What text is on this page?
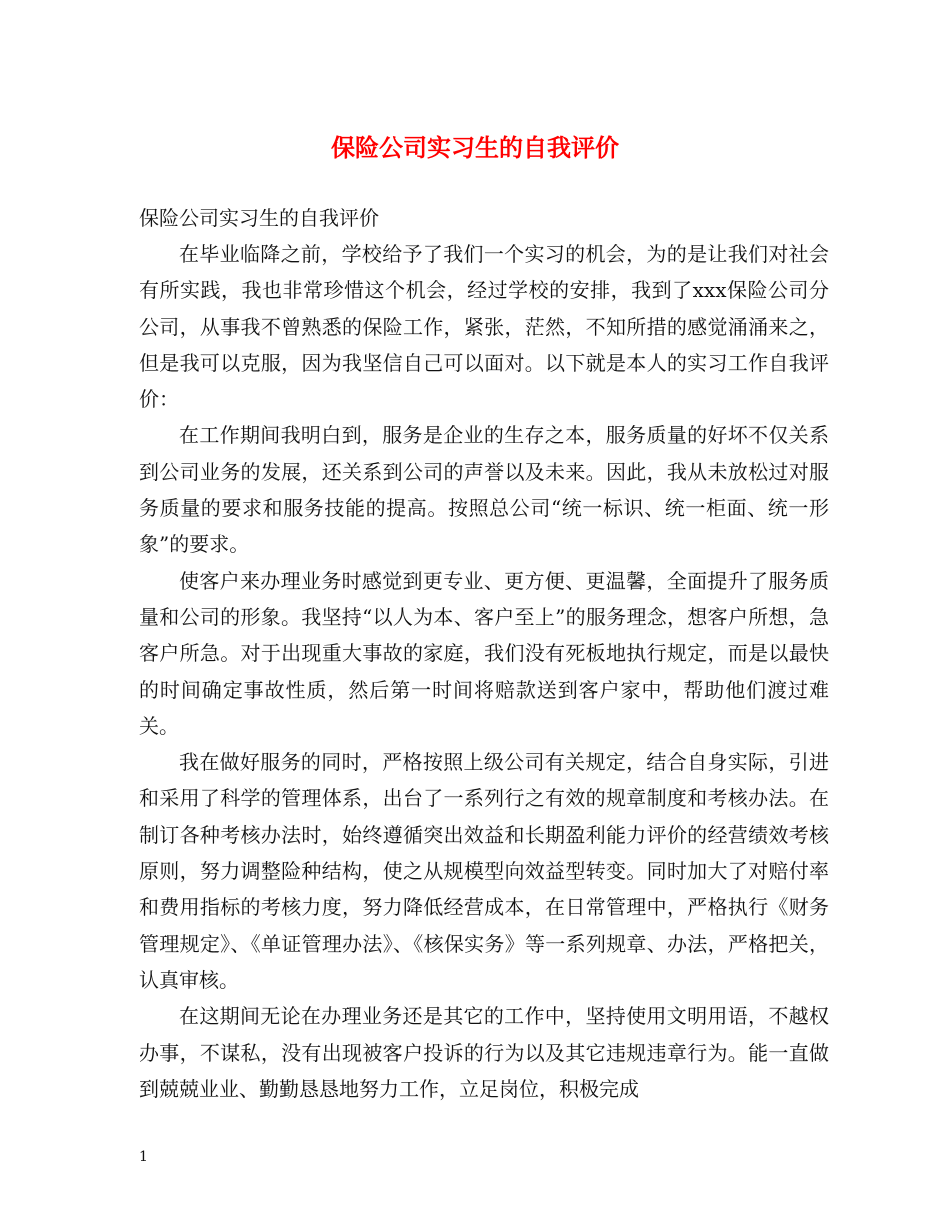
保险公司实习生的自我评价

保险公司实习生的自我评价

在毕业临降之前，学校给予了我们一个实习的机会，为的是让我们对社会有所实践，我也非常珍惜这个机会，经过学校的安排，我到了xxx保险公司分公司，从事我不曾熟悉的保险工作，紧张，茫然，不知所措的感觉涌涌来之，但是我可以克服，因为我坚信自己可以面对。以下就是本人的实习工作自我评价：

在工作期间我明白到，服务是企业的生存之本，服务质量的好坏不仅关系到公司业务的发展，还关系到公司的声誉以及未来。因此，我从未放松过对服务质量的要求和服务技能的提高。按照总公司“统一标识、统一柜面、统一形象”的要求。

使客户来办理业务时感觉到更专业、更方便、更温馨，全面提升了服务质量和公司的形象。我坚持“以人为本、客户至上”的服务理念，想客户所想，急客户所急。对于出现重大事故的家庭，我们没有死板地执行规定，而是以最快的时间确定事故性质，然后第一时间将赔款送到客户家中，帮助他们渡过难关。

我在做好服务的同时，严格按照上级公司有关规定，结合自身实际，引进和采用了科学的管理体系，出台了一系列行之有效的规章制度和考核办法。在制订各种考核办法时，始终遵循突出效益和长期盈利能力评价的经营绩效考核原则，努力调整险种结构，使之从规模型向效益型转变。同时加大了对赔付率和费用指标的考核力度，努力降低经营成本，在日常管理中，严格执行《财务管理规定》、《单证管理办法》、《核保实务》等一系列规章、办法，严格把关，认真审核。

在这期间无论在办理业务还是其它的工作中，坚持使用文明用语，不越权办事，不谋私，没有出现被客户投诉的行为以及其它违规违章行为。能一直做到兢兢业业、勤勤恳恳地努力工作，立足岗位，积极完成

1
